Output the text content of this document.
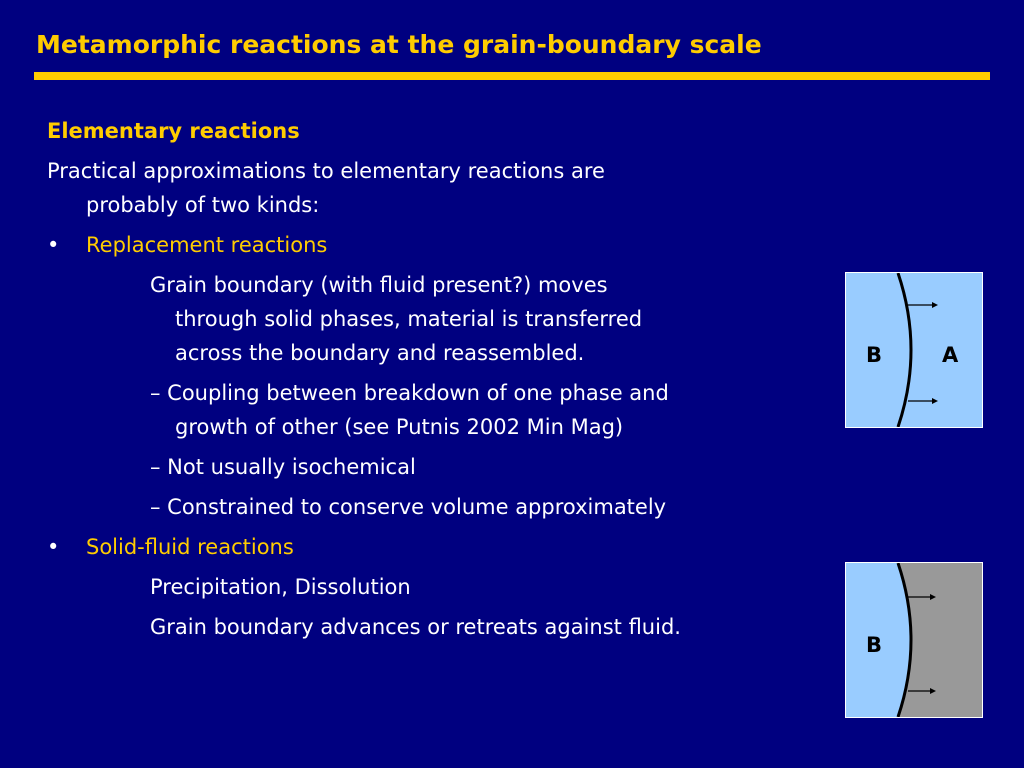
Metamorphic reactions at the grain-boundary scale
Elementary reactions
Practical approximations to elementary reactions are
probably of two kinds:
• Replacement reactions
Grain boundary (with fluid present?) moves
through solid phases, material is transferred
across the boundary and reassembled.
– Coupling between breakdown of one phase and
growth of other (see Putnis 2002 Min Mag)
– Not usually isochemical
– Constrained to conserve volume approximately
• Solid-fluid reactions
Precipitation, Dissolution
Grain boundary advances or retreats against fluid.
B	A
B
